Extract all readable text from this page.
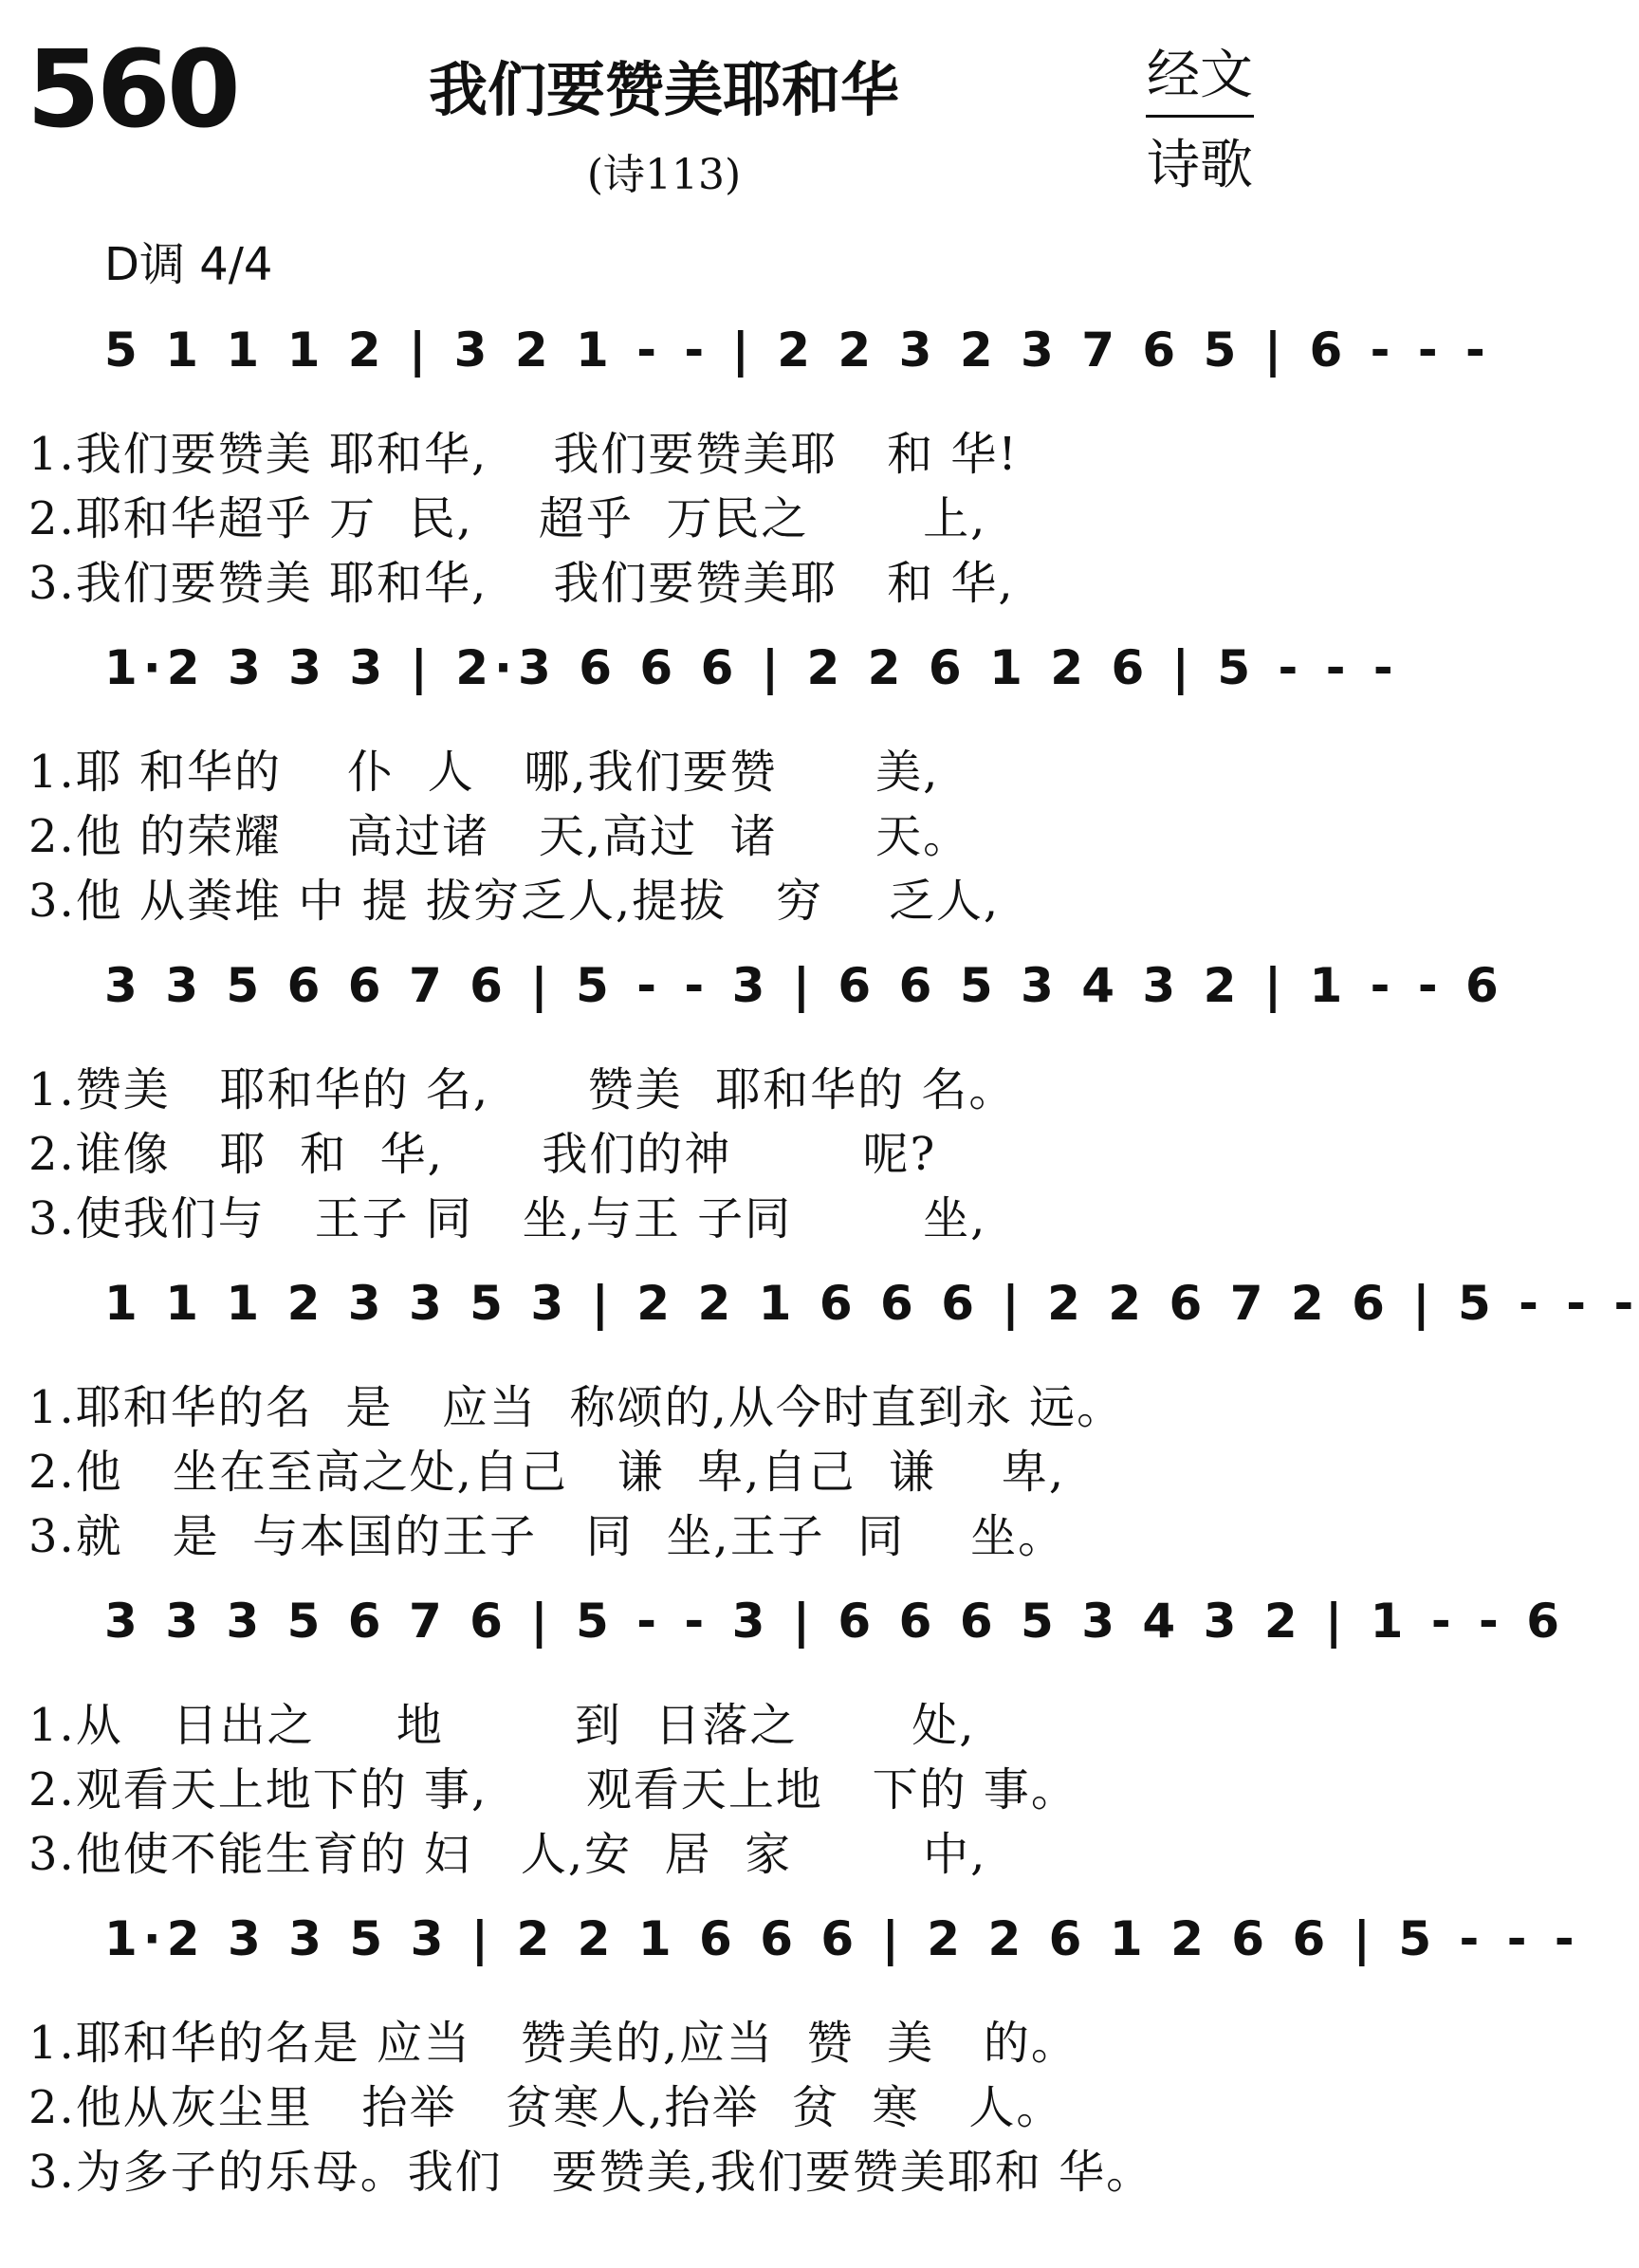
560	我们要赞美耶和华
(诗113)
经文
诗歌
D调 4/4
5 1 1 1 2 | 3 2 1 - - | 2 2 3 2 3 7 6 5 | 6 - - -
1.我们要赞美 耶和华,    我们要赞美耶   和 华!
2.耶和华超乎 万  民,    超乎  万民之       上,
3.我们要赞美 耶和华,    我们要赞美耶   和 华,
1·2 3 3 3 | 2·3 6 6 6 | 2 2 6 1 2 6 | 5 - - -
1.耶 和华的    仆  人   哪,我们要赞      美,
2.他 的荣耀    高过诸   天,高过  诸      天。
3.他 从粪堆 中 提 拔穷乏人,提拔   穷    乏人,
3 3 5 6 6 7 6 | 5 - - 3 | 6 6 5 3 4 3 2 | 1 - - 6
1.赞美   耶和华的 名,      赞美  耶和华的 名。
2.谁像   耶  和  华,      我们的神        呢?
3.使我们与   王子 同   坐,与王 子同        坐,
1 1 1 2 3 3 5 3 | 2 2 1 6 6 6 | 2 2 6 7 2 6 | 5 - - -
1.耶和华的名  是   应当  称颂的,从今时直到永 远。
2.他   坐在至高之处,自己   谦  卑,自己  谦    卑,
3.就   是  与本国的王子   同  坐,王子  同    坐。
3 3 3 5 6 7 6 | 5 - - 3 | 6 6 6 5 3 4 3 2 | 1 - - 6
1.从   日出之     地        到  日落之       处,
2.观看天上地下的 事,      观看天上地   下的 事。
3.他使不能生育的 妇   人,安  居  家        中,
1·2 3 3 5 3 | 2 2 1 6 6 6 | 2 2 6 1 2 6 6 | 5 - - -
1.耶和华的名是 应当   赞美的,应当  赞  美   的。
2.他从灰尘里   抬举   贫寒人,抬举  贫  寒   人。
3.为多子的乐母。我们   要赞美,我们要赞美耶和 华。
